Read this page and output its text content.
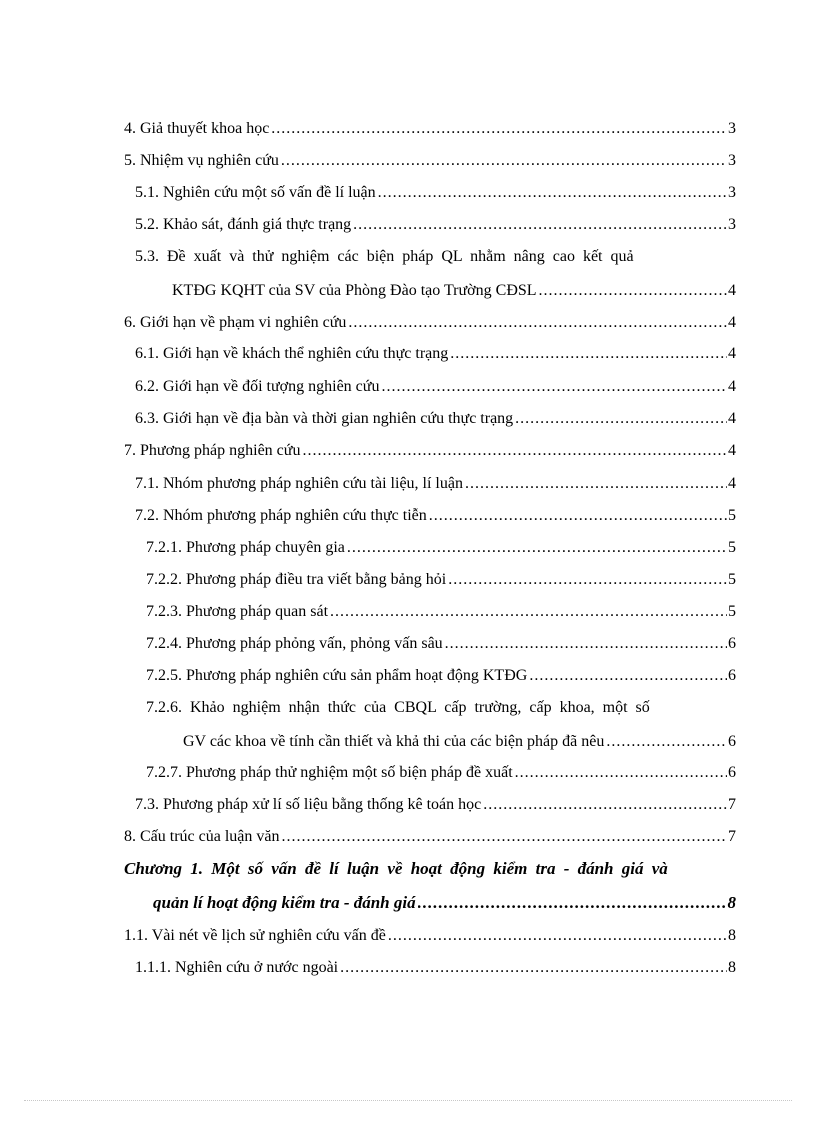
4. Giả thuyết khoa học .....	3
5. Nhiệm vụ nghiên cứu .....	3
5.1. Nghiên cứu một số vấn đề lí luận .....	3
5.2. Khảo sát, đánh giá thực trạng .....	3
5.3. Đề xuất và thử nghiệm các biện pháp QL nhằm nâng cao kết quả
KTĐG KQHT của SV của Phòng Đào tạo Trường CĐSL .....	4
6. Giới hạn về phạm vi nghiên cứu .....	4
6.1. Giới hạn về khách thể nghiên cứu thực trạng .....	4
6.2. Giới hạn về đối tượng nghiên cứu .....	4
6.3. Giới hạn về địa bàn và thời gian nghiên cứu thực trạng .....	4
7. Phương pháp nghiên cứu .....	4
7.1. Nhóm phương pháp nghiên cứu tài liệu, lí luận .....	4
7.2. Nhóm phương pháp nghiên cứu thực tiễn .....	5
7.2.1. Phương pháp chuyên gia .....	5
7.2.2. Phương pháp điều tra viết bằng bảng hỏi .....	5
7.2.3. Phương pháp quan sát .....	5
7.2.4. Phương pháp phỏng vấn, phỏng vấn sâu .....	6
7.2.5. Phương pháp nghiên cứu sản phẩm hoạt động KTĐG .....	6
7.2.6. Khảo nghiệm nhận thức của CBQL cấp trường, cấp khoa, một số
GV các khoa về tính cần thiết và khả thi của các biện pháp đã nêu .....	6
7.2.7. Phương pháp thử nghiệm một số biện pháp đề xuất .....	6
7.3. Phương pháp xử lí số liệu bằng thống kê toán học .....	7
8. Cấu trúc của luận văn .....	7
Chương 1. Một số vấn đề lí luận về hoạt động kiểm tra - đánh giá và
quản lí hoạt động kiểm tra - đánh giá .....	8
1.1. Vài nét về lịch sử nghiên cứu vấn đề .....	8
1.1.1. Nghiên cứu ở nước ngoài .....	8
